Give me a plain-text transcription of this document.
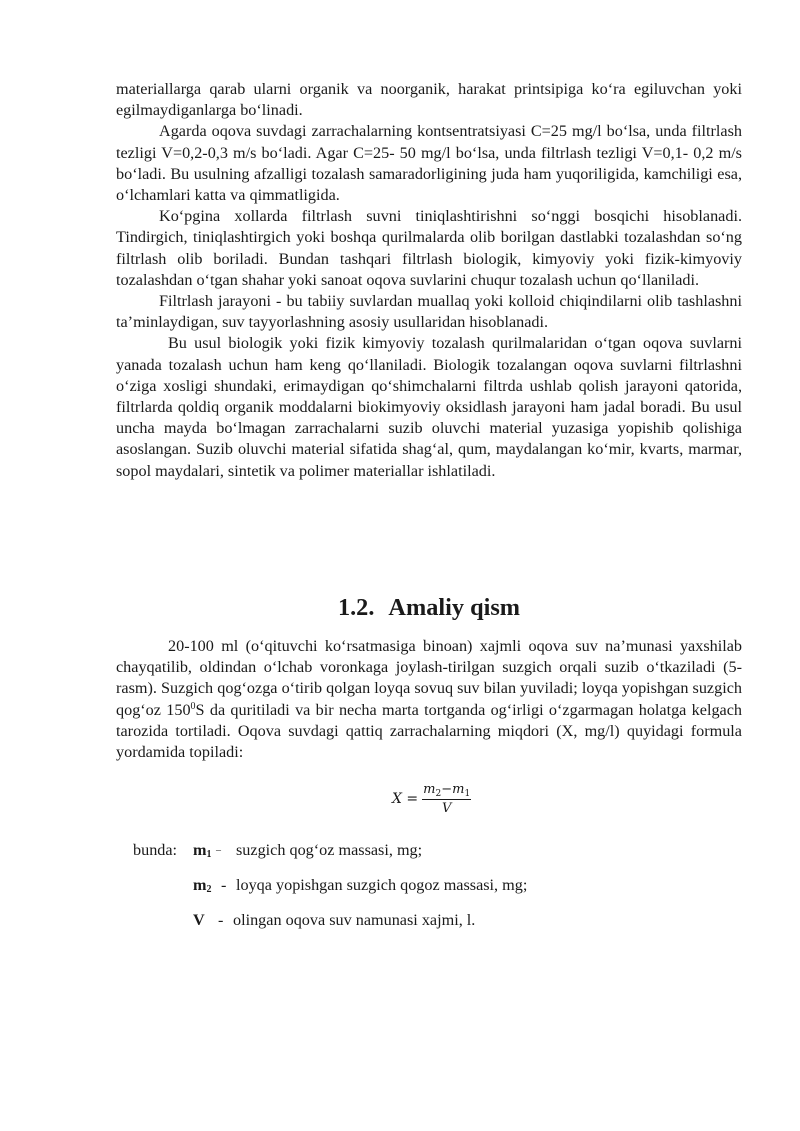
materiallarga qarab ularni organik va noorganik, harakat printsipiga ko‘ra egiluvchan yoki egilmaydiganlarga bo‘linadi.

Agarda oqova suvdagi zarrachalarning kontsentratsiyasi C=25 mg/l bo‘lsa, unda filtrlash tezligi V=0,2-0,3 m/s bo‘ladi. Agar C=25- 50 mg/l bo‘lsa, unda filtrlash tezligi V=0,1- 0,2 m/s bo‘ladi. Bu usulning afzalligi tozalash samaradorligining juda ham yuqoriligida, kamchiligi esa, o‘lchamlari katta va qimmatligida.

Ko‘pgina xollarda filtrlash suvni tiniqlashtirishni so‘nggi bosqichi hisoblanadi. Tindirgich, tiniqlashtirgich yoki boshqa qurilmalarda olib borilgan dastlabki tozalashdan so‘ng filtrlash olib boriladi. Bundan tashqari filtrlash biologik, kimyoviy yoki fizik-kimyoviy tozalashdan o‘tgan shahar yoki sanoat oqova suvlarini chuqur tozalash uchun qo‘llaniladi.

Filtrlash jarayoni - bu tabiiy suvlardan muallaq yoki kolloid chiqindilarni olib tashlashni ta’minlaydigan, suv tayyorlashning asosiy usullaridan hisoblanadi.

Bu usul biologik yoki fizik kimyoviy tozalash qurilmalaridan o‘tgan oqova suvlarni yanada tozalash uchun ham keng qo‘llaniladi. Biologik tozalangan oqova suvlarni filtrlashni o‘ziga xosligi shundaki, erimaydigan qo‘shimchalarni filtrda ushlab qolish jarayoni qatorida, filtrlarda qoldiq organik moddalarni biokimyoviy oksidlash jarayoni ham jadal boradi. Bu usul uncha mayda bo‘lmagan zarrachalarni suzib oluvchi material yuzasiga yopishib qolishiga asoslangan. Suzib oluvchi material sifatida shag‘al, qum, maydalangan ko‘mir, kvarts, marmar, sopol maydalari, sintetik va polimer materiallar ishlatiladi.

1.2. Amaliy qism

20-100 ml (o‘qituvchi ko‘rsatmasiga binoan) xajmli oqova suv na’munasi yaxshilab chayqatilib, oldindan o‘lchab voronkaga joylash-tirilgan suzgich orqali suzib o‘tkaziladi (5-rasm). Suzgich qog‘ozga o‘tirib qolgan loyqa sovuq suv bilan yuviladi; loyqa yopishgan suzgich qog‘oz $150^0S$ da quritiladi va bir necha marta tortganda og‘irligi o‘zgarmagan holatga kelgach tarozida tortiladi. Oqova suvdagi qattiq zarrachalarning miqdori (X, mg/l) quyidagi formula yordamida topiladi:

$X = \frac{m_2-m_1}{V}$
bunda: $m_1$ – suzgich qog‘oz massasi, mg;
$m_2$ - loyqa yopishgan suzgich qogoz massasi, mg;
V - olingan oqova suv namunasi xajmi, l.
